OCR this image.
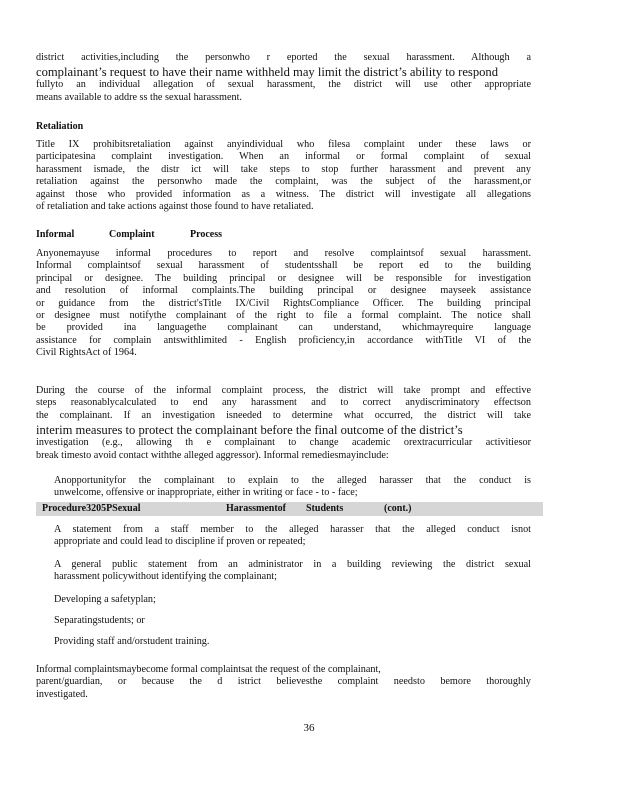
district activities,including the personwho r eported the sexual harassment. Although a
complainant’s request to have their name withheld may limit the district’s ability to respond
fullyto an individual allegation of sexual harassment, the district will use other appropriate
means available to addre ss the sexual harassment.
Retaliation
Title IX prohibitsretaliation against anyindividual who filesa complaint under these laws or
participatesina complaint investigation. When an informal or formal complaint of sexual
harassment ismade, the distr ict will take steps to stop further harassment and prevent any
retaliation against the personwho made the complaint, was the subject of the harassment,or
against those who provided information as a witness. The district will investigate all allegations
of retaliation and take actions against those found to have retaliated.
Informal	Complaint	Process
Anyonemayuse informal procedures to report and resolve complaintsof sexual harassment.
Informal complaintsof sexual harassment of studentsshall be report ed to the building
principal or designee. The building principal or designee will be responsible for investigation
and resolution of informal complaints.The building principal or designee mayseek assistance
or guidance from the district'sTitle IX/Civil RightsCompliance Officer. The building principal
or designee must notifythe complainant of the right to file a formal complaint. The notice shall
be provided ina languagethe complainant can understand, whichmayrequire language
assistance for complain antswithlimited - English proficiency,in accordance withTitle VI of the
Civil RightsAct of 1964.
During the course of the informal complaint process, the district will take prompt and effective
steps reasonablycalculated to end any harassment and to correct anydiscriminatory effectson
the complainant. If an investigation isneeded to determine what occurred, the district will take
interim measures to protect the complainant before the final outcome of the district’s
investigation (e.g., allowing th e complainant to change academic orextracurricular activitiesor
break timesto avoid contact withthe alleged aggressor). Informal remediesmayinclude:
Anopportunityfor the complainant to explain to the alleged harasser that the conduct is
unwelcome, offensive or inappropriate, either in writing or face - to - face;
Procedure3205PSexual	Harassmentof Students	(cont.)
A statement from a staff member to the alleged harasser that the alleged conduct isnot
appropriate and could lead to discipline if proven or repeated;
A general public statement from an administrator in a building reviewing the district sexual
harassment policywithout identifying the complainant;
Developing a safetyplan;
Separatingstudents; or
Providing staff and/orstudent training.
Informal complaintsmaybecome formal complaintsat the request of the complainant,
parent/guardian, or because the d istrict believesthe complaint needsto bemore thoroughly
investigated.
36
